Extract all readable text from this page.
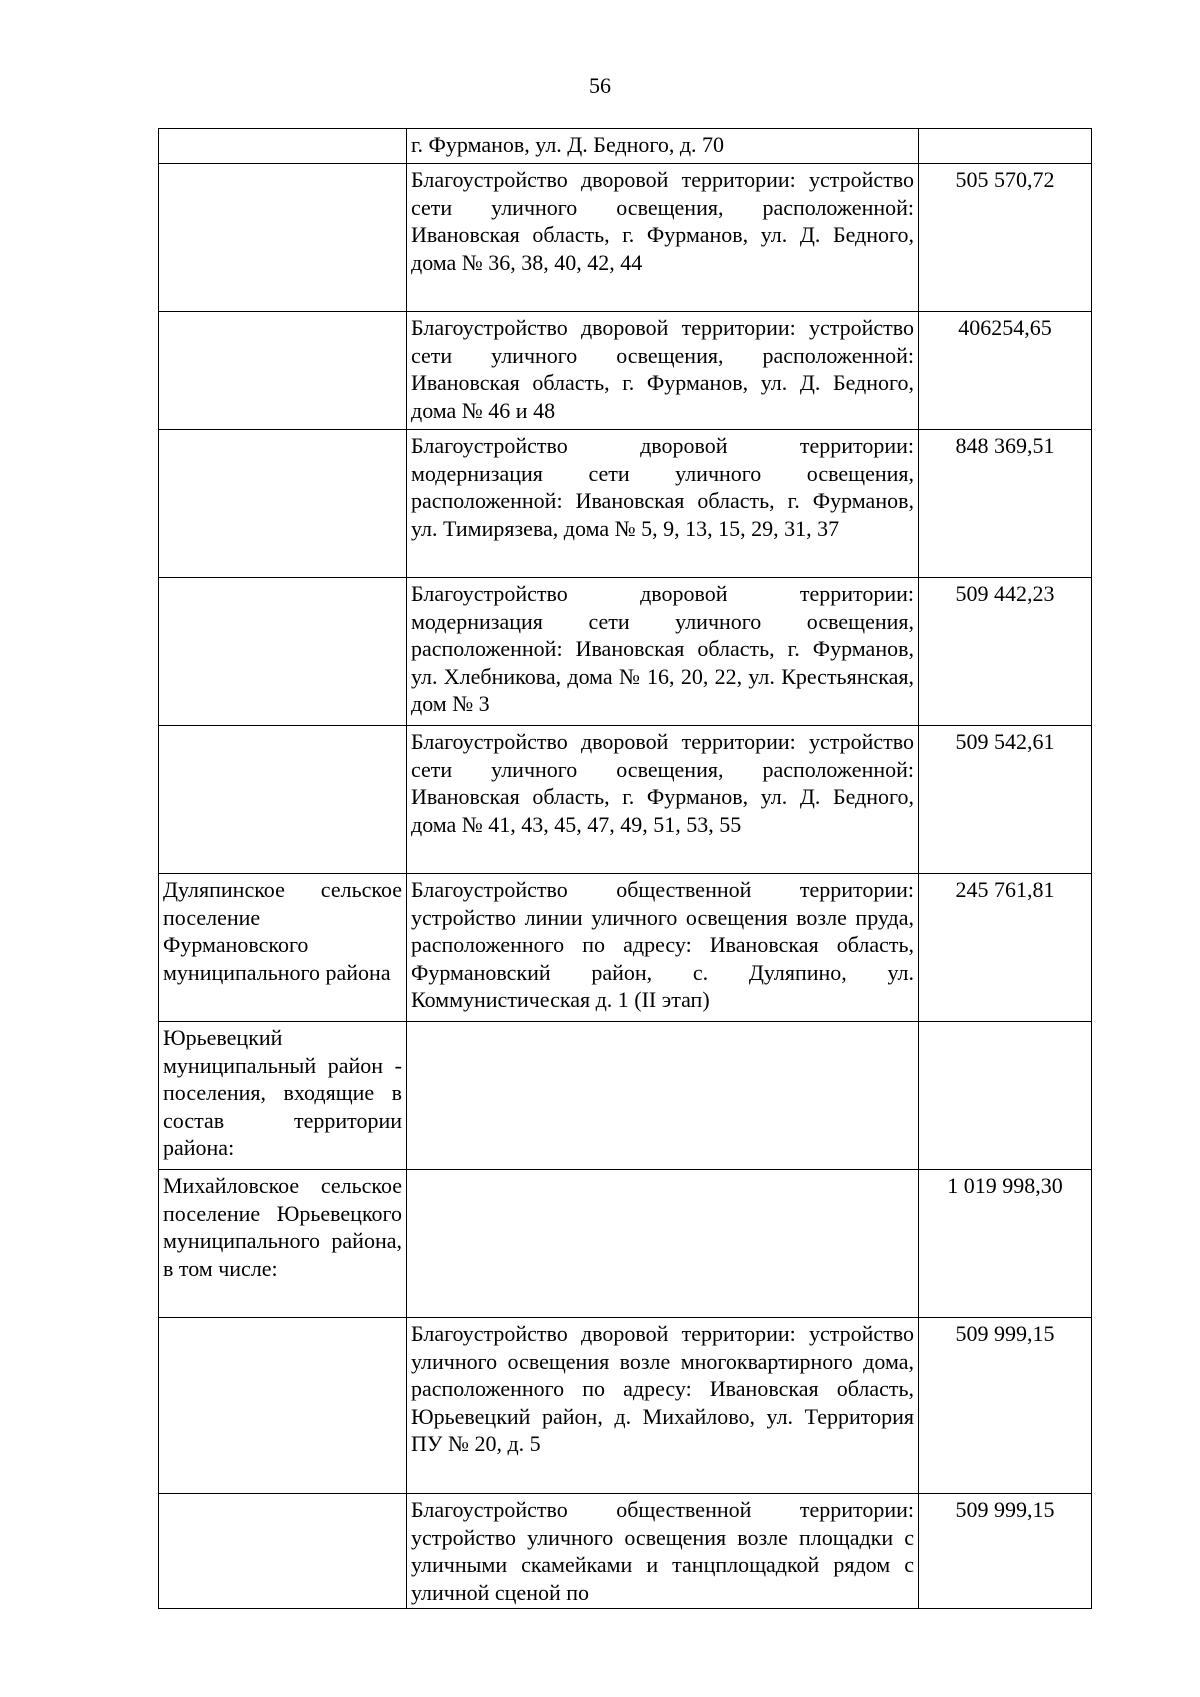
56
	г. Фурманов, ул. Д. Бедного, д. 70	
	Благоустройство дворовой территории: устройство сети уличного освещения, расположенной: Ивановская область, г. Фурманов, ул. Д. Бедного, дома № 36, 38, 40, 42, 44	505 570,72
	Благоустройство дворовой территории: устройство сети уличного освещения, расположенной: Ивановская область, г. Фурманов, ул. Д. Бедного, дома № 46 и 48	406254,65
	Благоустройство дворовой территории: модернизация сети уличного освещения, расположенной: Ивановская область, г. Фурманов, ул. Тимирязева, дома № 5, 9, 13, 15, 29, 31, 37	848 369,51
	Благоустройство дворовой территории: модернизация сети уличного освещения, расположенной: Ивановская область, г. Фурманов, ул. Хлебникова, дома № 16, 20, 22, ул. Крестьянская, дом № 3	509 442,23
	Благоустройство дворовой территории: устройство сети уличного освещения, расположенной: Ивановская область, г. Фурманов, ул. Д. Бедного, дома № 41, 43, 45, 47, 49, 51, 53, 55	509 542,61
Дуляпинское сельское поселение Фурмановского муниципального района	Благоустройство общественной территории: устройство линии уличного освещения возле пруда, расположенного по адресу: Ивановская область, Фурмановский район, с. Дуляпино, ул. Коммунистическая д. 1 (II этап)	245 761,81
Юрьевецкий муниципальный район - поселения, входящие в состав территории района:		
Михайловское сельское поселение Юрьевецкого муниципального района, в том числе:		1 019 998,30
	Благоустройство дворовой территории: устройство уличного освещения возле многоквартирного дома, расположенного по адресу: Ивановская область, Юрьевецкий район, д. Михайлово, ул. Территория ПУ № 20, д. 5	509 999,15
	Благоустройство общественной территории: устройство уличного освещения возле площадки с уличными скамейками и танцплощадкой рядом с уличной сценой по	509 999,15
